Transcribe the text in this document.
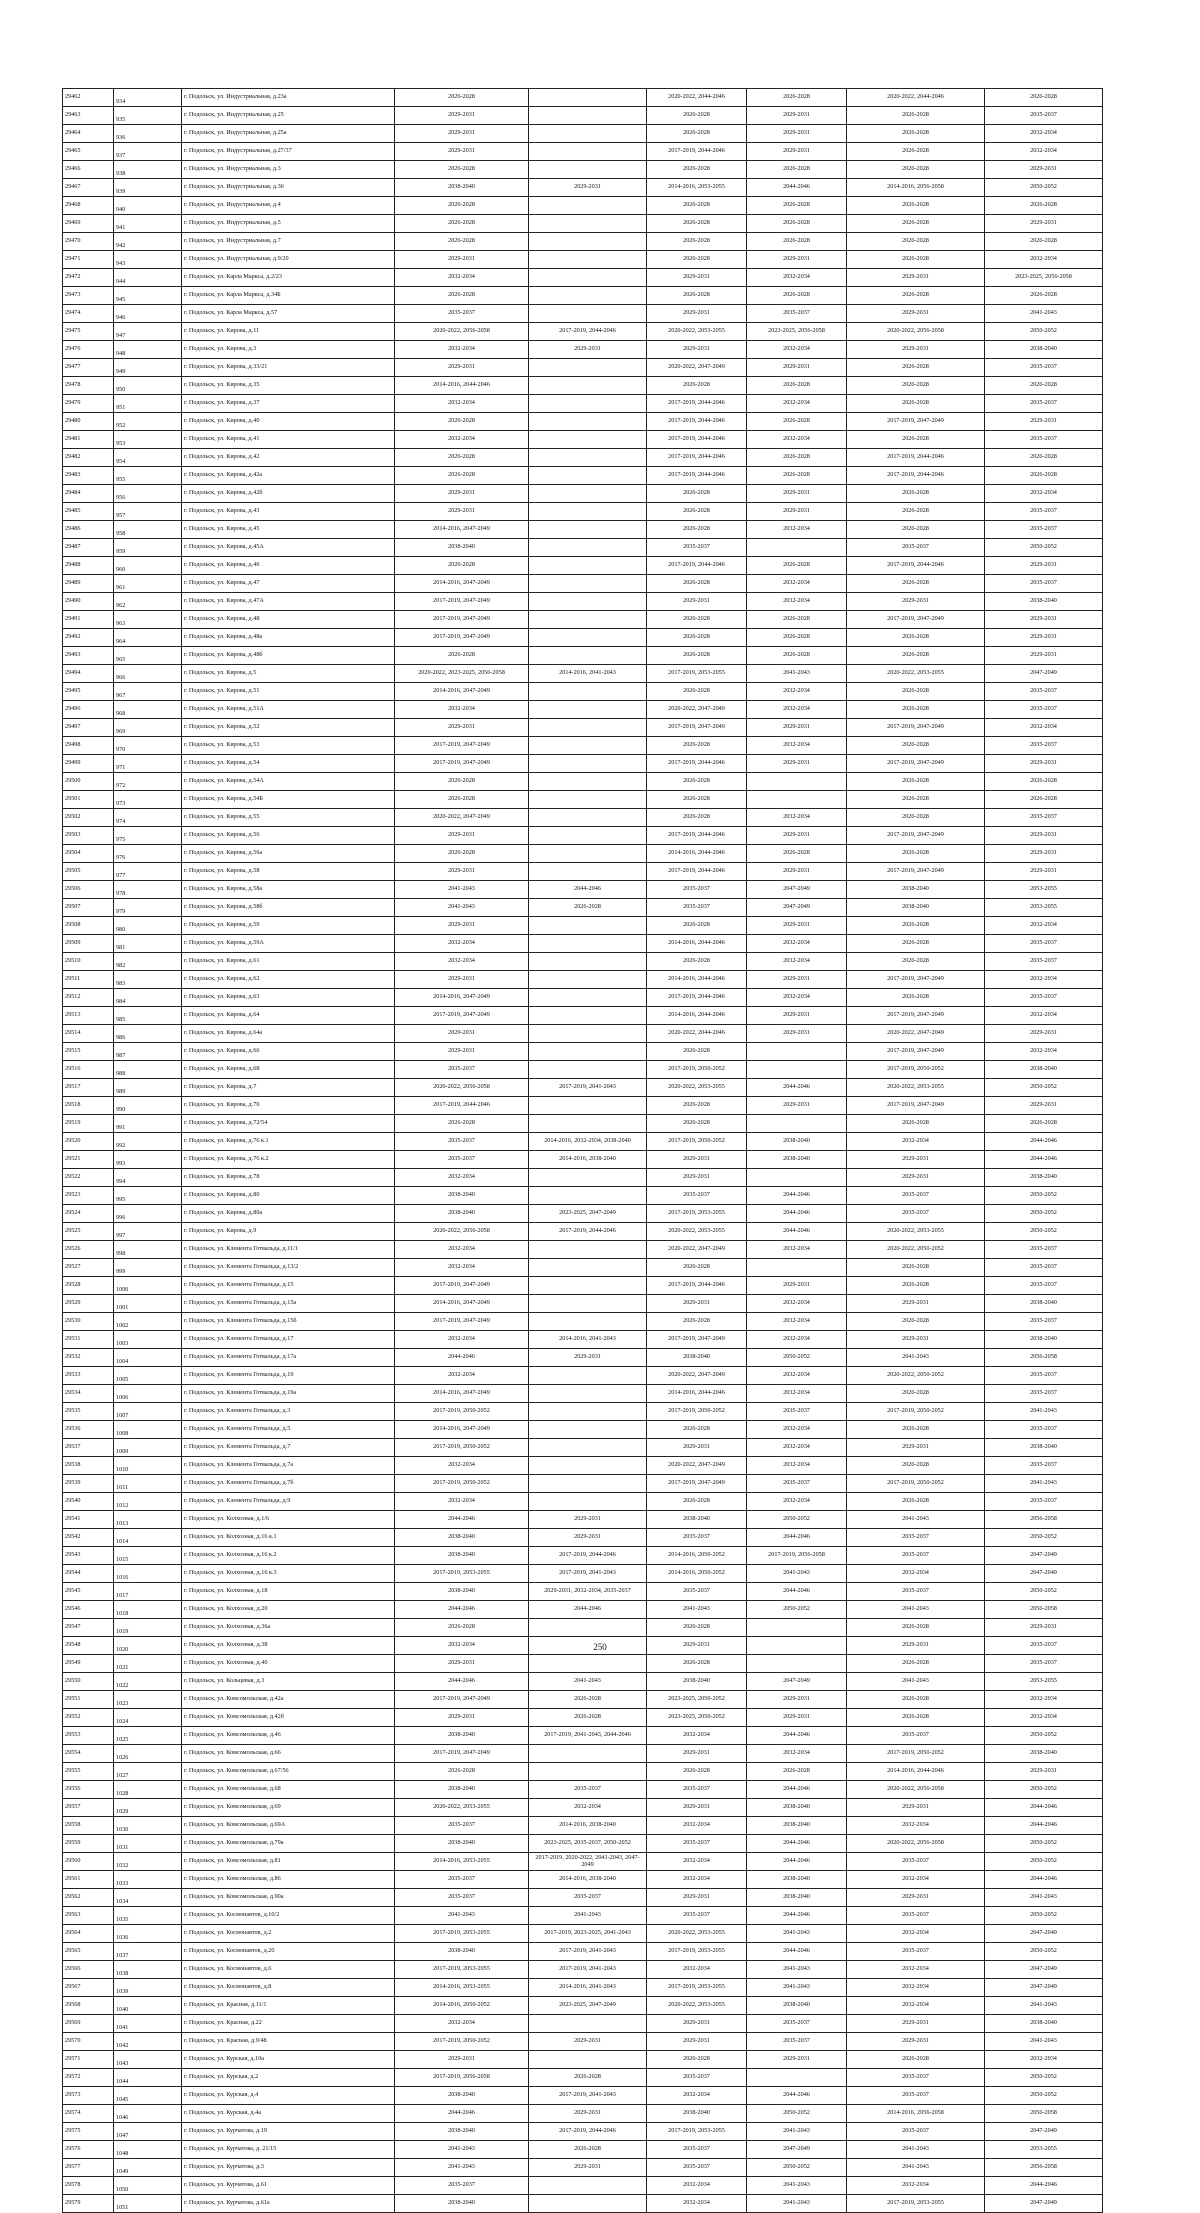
29462	934	г. Подольск, ул. Индустриальная, д.23а	2026-2028		2020-2022, 2044-2046	2026-2028	2020-2022, 2044-2046	2026-2028
29463	935	г. Подольск, ул. Индустриальная, д.25	2029-2031		2026-2028	2029-2031	2026-2028	2035-2037
29464	936	г. Подольск, ул. Индустриальная, д.25а	2029-2031		2026-2028	2029-2031	2026-2028	2032-2034
29465	937	г. Подольск, ул. Индустриальная, д.27/37	2029-2031		2017-2019, 2044-2046	2029-2031	2026-2028	2032-2034
29466	938	г. Подольск, ул. Индустриальная, д.3	2026-2028		2026-2028	2026-2028	2026-2028	2029-2031
29467	939	г. Подольск, ул. Индустриальная, д.36	2038-2040	2029-2031	2014-2016, 2053-2055	2044-2046	2014-2016, 2056-2058	2050-2052
29468	940	г. Подольск, ул. Индустриальная, д.4	2026-2028		2026-2028	2026-2028	2026-2028	2026-2028
29469	941	г. Подольск, ул. Индустриальная, д.5	2026-2028		2026-2028	2026-2028	2026-2028	2029-2031
29470	942	г. Подольск, ул. Индустриальная, д.7	2026-2028		2026-2028	2026-2028	2026-2028	2026-2028
29471	943	г. Подольск, ул. Индустриальная, д.9/20	2029-2031		2026-2028	2029-2031	2026-2028	2032-2034
29472	944	г. Подольск, ул. Карла Маркса, д.2/23	2032-2034		2029-2031	2032-2034	2029-2031	2023-2025, 2056-2058
29473	945	г. Подольск, ул. Карла Маркса, д.34Б	2026-2028		2026-2028	2026-2028	2026-2028	2026-2028
29474	946	г. Подольск, ул. Карла Маркса, д.57	2035-2037		2029-2031	2035-2037	2029-2031	2041-2043
29475	947	г. Подольск, ул. Кирова, д.11	2020-2022, 2056-2058	2017-2019, 2044-2046	2020-2022, 2053-2055	2023-2025, 2056-2058	2020-2022, 2056-2058	2050-2052
29476	948	г. Подольск, ул. Кирова, д.3	2032-2034	2029-2031	2029-2031	2032-2034	2029-2031	2038-2040
29477	949	г. Подольск, ул. Кирова, д.33/21	2029-2031		2020-2022, 2047-2049	2029-2031	2026-2028	2035-2037
29478	950	г. Подольск, ул. Кирова, д.35	2014-2016, 2044-2046		2026-2028	2026-2028	2026-2028	2026-2028
29479	951	г. Подольск, ул. Кирова, д.37	2032-2034		2017-2019, 2044-2046	2032-2034	2026-2028	2035-2037
29480	952	г. Подольск, ул. Кирова, д.40	2026-2028		2017-2019, 2044-2046	2026-2028	2017-2019, 2047-2049	2029-2031
29481	953	г. Подольск, ул. Кирова, д.41	2032-2034		2017-2019, 2044-2046	2032-2034	2026-2028	2035-2037
29482	954	г. Подольск, ул. Кирова, д.42	2026-2028		2017-2019, 2044-2046	2026-2028	2017-2019, 2044-2046	2026-2028
29483	955	г. Подольск, ул. Кирова, д.42а	2026-2028		2017-2019, 2044-2046	2026-2028	2017-2019, 2044-2046	2026-2028
29484	956	г. Подольск, ул. Кирова, д.42б	2029-2031		2026-2028	2029-2031	2026-2028	2032-2034
29485	957	г. Подольск, ул. Кирова, д.43	2029-2031		2026-2028	2029-2031	2026-2028	2035-2037
29486	958	г. Подольск, ул. Кирова, д.45	2014-2016, 2047-2049		2026-2028	2032-2034	2026-2028	2035-2037
29487	959	г. Подольск, ул. Кирова, д.45А	2038-2040		2035-2037		2035-2037	2050-2052
29488	960	г. Подольск, ул. Кирова, д.46	2026-2028		2017-2019, 2044-2046	2026-2028	2017-2019, 2044-2046	2029-2031
29489	961	г. Подольск, ул. Кирова, д.47	2014-2016, 2047-2049		2026-2028	2032-2034	2026-2028	2035-2037
29490	962	г. Подольск, ул. Кирова, д.47А	2017-2019, 2047-2049		2029-2031	2032-2034	2029-2031	2038-2040
29491	963	г. Подольск, ул. Кирова, д.48	2017-2019, 2047-2049		2026-2028	2026-2028	2017-2019, 2047-2049	2029-2031
29492	964	г. Подольск, ул. Кирова, д.48а	2017-2019, 2047-2049		2026-2028	2026-2028	2026-2028	2029-2031
29493	965	г. Подольск, ул. Кирова, д.48б	2026-2028		2026-2028	2026-2028	2026-2028	2029-2031
29494	966	г. Подольск, ул. Кирова, д.5	2020-2022, 2023-2025, 2056-2058	2014-2016, 2041-2043	2017-2019, 2053-2055	2041-2043	2020-2022, 2053-2055	2047-2049
29495	967	г. Подольск, ул. Кирова, д.51	2014-2016, 2047-2049		2026-2028	2032-2034	2026-2028	2035-2037
29496	968	г. Подольск, ул. Кирова, д.51А	2032-2034		2020-2022, 2047-2049	2032-2034	2026-2028	2035-2037
29497	969	г. Подольск, ул. Кирова, д.52	2029-2031		2017-2019, 2047-2049	2029-2031	2017-2019, 2047-2049	2032-2034
29498	970	г. Подольск, ул. Кирова, д.53	2017-2019, 2047-2049		2026-2028	2032-2034	2026-2028	2035-2037
29499	971	г. Подольск, ул. Кирова, д.54	2017-2019, 2047-2049		2017-2019, 2044-2046	2029-2031	2017-2019, 2047-2049	2029-2031
29500	972	г. Подольск, ул. Кирова, д.54А	2026-2028		2026-2028		2026-2028	2026-2028
29501	973	г. Подольск, ул. Кирова, д.54Б	2026-2028		2026-2028		2026-2028	2026-2028
29502	974	г. Подольск, ул. Кирова, д.55	2020-2022, 2047-2049		2026-2028	2032-2034	2026-2028	2035-2037
29503	975	г. Подольск, ул. Кирова, д.56	2029-2031		2017-2019, 2044-2046	2029-2031	2017-2019, 2047-2049	2029-2031
29504	976	г. Подольск, ул. Кирова, д.56а	2026-2028		2014-2016, 2044-2046	2026-2028	2026-2028	2029-2031
29505	977	г. Подольск, ул. Кирова, д.58	2029-2031		2017-2019, 2044-2046	2029-2031	2017-2019, 2047-2049	2029-2031
29506	978	г. Подольск, ул. Кирова, д.58а	2041-2043	2044-2046	2035-2037	2047-2049	2038-2040	2053-2055
29507	979	г. Подольск, ул. Кирова, д.58б	2041-2043	2026-2028	2035-2037	2047-2049	2038-2040	2053-2055
29508	980	г. Подольск, ул. Кирова, д.59	2029-2031		2026-2028	2029-2031	2026-2028	2032-2034
29509	981	г. Подольск, ул. Кирова, д.59А	2032-2034		2014-2016, 2044-2046	2032-2034	2026-2028	2035-2037
29510	982	г. Подольск, ул. Кирова, д.61	2032-2034		2026-2028	2032-2034	2026-2028	2035-2037
29511	983	г. Подольск, ул. Кирова, д.62	2029-2031		2014-2016, 2044-2046	2029-2031	2017-2019, 2047-2049	2032-2034
29512	984	г. Подольск, ул. Кирова, д.63	2014-2016, 2047-2049		2017-2019, 2044-2046	2032-2034	2026-2028	2035-2037
29513	985	г. Подольск, ул. Кирова, д.64	2017-2019, 2047-2049		2014-2016, 2044-2046	2029-2031	2017-2019, 2047-2049	2032-2034
29514	986	г. Подольск, ул. Кирова, д.64а	2029-2031		2020-2022, 2044-2046	2029-2031	2020-2022, 2047-2049	2029-2031
29515	987	г. Подольск, ул. Кирова, д.66	2029-2031		2026-2028		2017-2019, 2047-2049	2032-2034
29516	988	г. Подольск, ул. Кирова, д.68	2035-2037		2017-2019, 2050-2052		2017-2019, 2050-2052	2038-2040
29517	989	г. Подольск, ул. Кирова, д.7	2020-2022, 2056-2058	2017-2019, 2041-2043	2020-2022, 2053-2055	2044-2046	2020-2022, 2053-2055	2050-2052
29518	990	г. Подольск, ул. Кирова, д.70	2017-2019, 2044-2046		2026-2028	2029-2031	2017-2019, 2047-2049	2029-2031
29519	991	г. Подольск, ул. Кирова, д.72/54	2026-2028		2026-2028		2026-2028	2026-2028
29520	992	г. Подольск, ул. Кирова, д.76 к.1	2035-2037	2014-2016, 2032-2034, 2038-2040	2017-2019, 2050-2052	2038-2040	2032-2034	2044-2046
29521	993	г. Подольск, ул. Кирова, д.76 к.2	2035-2037	2014-2016, 2038-2040	2029-2031	2038-2040	2029-2031	2044-2046
29522	994	г. Подольск, ул. Кирова, д.78	2032-2034		2029-2031		2029-2031	2038-2040
29523	995	г. Подольск, ул. Кирова, д.80	2038-2040		2035-2037	2044-2046	2035-2037	2050-2052
29524	996	г. Подольск, ул. Кирова, д.80а	2038-2040	2023-2025, 2047-2049	2017-2019, 2053-2055	2044-2046	2035-2037	2050-2052
29525	997	г. Подольск, ул. Кирова, д.9	2020-2022, 2056-2058	2017-2019, 2044-2046	2020-2022, 2053-2055	2044-2046	2020-2022, 2053-2055	2050-2052
29526	998	г. Подольск, ул. Клемента Готвальда, д.11/1	2032-2034		2020-2022, 2047-2049	2032-2034	2020-2022, 2050-2052	2035-2037
29527	999	г. Подольск, ул. Клемента Готвальда, д.13/2	2032-2034		2026-2028		2026-2028	2035-2037
29528	1000	г. Подольск, ул. Клемента Готвальда, д.15	2017-2019, 2047-2049		2017-2019, 2044-2046	2029-2031	2026-2028	2035-2037
29529	1001	г. Подольск, ул. Клемента Готвальда, д.15а	2014-2016, 2047-2049		2029-2031	2032-2034	2029-2031	2038-2040
29530	1002	г. Подольск, ул. Клемента Готвальда, д.15б	2017-2019, 2047-2049		2026-2028	2032-2034	2026-2028	2035-2037
29531	1003	г. Подольск, ул. Клемента Готвальда, д.17	2032-2034	2014-2016, 2041-2043	2017-2019, 2047-2049	2032-2034	2029-2031	2038-2040
29532	1004	г. Подольск, ул. Клемента Готвальда, д.17а	2044-2046	2029-2031	2038-2040	2050-2052	2041-2043	2056-2058
29533	1005	г. Подольск, ул. Клемента Готвальда, д.19	2032-2034		2020-2022, 2047-2049	2032-2034	2020-2022, 2050-2052	2035-2037
29534	1006	г. Подольск, ул. Клемента Готвальда, д.19а	2014-2016, 2047-2049		2014-2016, 2044-2046	2032-2034	2026-2028	2035-2037
29535	1007	г. Подольск, ул. Клемента Готвальда, д.3	2017-2019, 2050-2052		2017-2019, 2050-2052	2035-2037	2017-2019, 2050-2052	2041-2043
29536	1008	г. Подольск, ул. Клемента Готвальда, д.5	2014-2016, 2047-2049		2026-2028	2032-2034	2026-2028	2035-2037
29537	1009	г. Подольск, ул. Клемента Готвальда, д.7	2017-2019, 2050-2052		2029-2031	2032-2034	2029-2031	2038-2040
29538	1010	г. Подольск, ул. Клемента Готвальда, д.7а	2032-2034		2020-2022, 2047-2049	2032-2034	2026-2028	2035-2037
29539	1011	г. Подольск, ул. Клемента Готвальда, д.7б	2017-2019, 2050-2052		2017-2019, 2047-2049	2035-2037	2017-2019, 2050-2052	2041-2043
29540	1012	г. Подольск, ул. Клемента Готвальда, д.9	2032-2034		2026-2028	2032-2034	2026-2028	2035-2037
29541	1013	г. Подольск, ул. Колхозная, д.1/6	2044-2046	2029-2031	2038-2040	2050-2052	2041-2043	2056-2058
29542	1014	г. Подольск, ул. Колхозная, д.16 к.1	2038-2040	2029-2031	2035-2037	2044-2046	2035-2037	2050-2052
29543	1015	г. Подольск, ул. Колхозная, д.16 к.2	2038-2040	2017-2019, 2044-2046	2014-2016, 2050-2052	2017-2019, 2056-2058	2035-2037	2047-2049
29544	1016	г. Подольск, ул. Колхозная, д.16 к.3	2017-2019, 2053-2055	2017-2019, 2041-2043	2014-2016, 2050-2052	2041-2043	2032-2034	2047-2049
29545	1017	г. Подольск, ул. Колхозная, д.18	2038-2040	2029-2031, 2032-2034, 2035-2037	2035-2037	2044-2046	2035-2037	2050-2052
29546	1018	г. Подольск, ул. Колхозная, д.20	2044-2046	2044-2046	2041-2043	2050-2052	2041-2043	2056-2058
29547	1019	г. Подольск, ул. Колхозная, д.36а	2026-2028		2026-2028		2026-2028	2029-2031
29548	1020	г. Подольск, ул. Колхозная, д.38	2032-2034		2029-2031		2029-2031	2035-2037
29549	1021	г. Подольск, ул. Колхозная, д.40	2029-2031		2026-2028		2026-2028	2035-2037
29550	1022	г. Подольск, ул. Кольцевая, д.3	2044-2046	2041-2043	2038-2040	2047-2049	2041-2043	2053-2055
29551	1023	г. Подольск, ул. Комсомольская, д.42а	2017-2019, 2047-2049	2026-2028	2023-2025, 2050-2052	2029-2031	2026-2028	2032-2034
29552	1024	г. Подольск, ул. Комсомольская, д.42б	2029-2031	2026-2028	2023-2025, 2050-2052	2029-2031	2026-2028	2032-2034
29553	1025	г. Подольск, ул. Комсомольская, д.46	2038-2040	2017-2019, 2041-2043, 2044-2046	2032-2034	2044-2046	2035-2037	2050-2052
29554	1026	г. Подольск, ул. Комсомольская, д.66	2017-2019, 2047-2049		2029-2031	2032-2034	2017-2019, 2050-2052	2038-2040
29555	1027	г. Подольск, ул. Комсомольская, д.67/56	2026-2028		2026-2028	2026-2028	2014-2016, 2044-2046	2029-2031
29556	1028	г. Подольск, ул. Комсомольская, д.68	2038-2040	2035-2037	2035-2037	2044-2046	2020-2022, 2056-2058	2050-2052
29557	1029	г. Подольск, ул. Комсомольская, д.69	2020-2022, 2053-2055	2032-2034	2029-2031	2038-2040	2029-2031	2044-2046
29558	1030	г. Подольск, ул. Комсомольская, д.69А	2035-2037	2014-2016, 2038-2040	2032-2034	2038-2040	2032-2034	2044-2046
29559	1031	г. Подольск, ул. Комсомольская, д.79а	2038-2040	2023-2025, 2035-2037, 2050-2052	2035-2037	2044-2046	2020-2022, 2056-2058	2050-2052
29560	1032	г. Подольск, ул. Комсомольская, д.81	2014-2016, 2053-2055	2017-2019, 2020-2022, 2041-2043, 2047-2049	2032-2034	2044-2046	2035-2037	2050-2052
29561	1033	г. Подольск, ул. Комсомольская, д.86	2035-2037	2014-2016, 2038-2040	2032-2034	2038-2040	2032-2034	2044-2046
29562	1034	г. Подольск, ул. Комсомольская, д.90а	2035-2037	2035-2037	2029-2031	2038-2040	2029-2031	2041-2043
29563	1035	г. Подольск, ул. Космонавтов, д.10/2	2041-2043	2041-2043	2035-2037	2044-2046	2035-2037	2050-2052
29564	1036	г. Подольск, ул. Космонавтов, д.2	2017-2019, 2053-2055	2017-2019, 2023-2025, 2041-2043	2020-2022, 2053-2055	2041-2043	2032-2034	2047-2049
29565	1037	г. Подольск, ул. Космонавтов, д.20	2038-2040	2017-2019, 2041-2043	2017-2019, 2053-2055	2044-2046	2035-2037	2050-2052
29566	1038	г. Подольск, ул. Космонавтов, д.6	2017-2019, 2053-2055	2017-2019, 2041-2043	2032-2034	2041-2043	2032-2034	2047-2049
29567	1039	г. Подольск, ул. Космонавтов, д.8	2014-2016, 2053-2055	2014-2016, 2041-2043	2017-2019, 2053-2055	2041-2043	2032-2034	2047-2049
29568	1040	г. Подольск, ул. Красная, д.11/1	2014-2016, 2050-2052	2023-2025, 2047-2049	2020-2022, 2053-2055	2038-2040	2032-2034	2041-2043
29569	1041	г. Подольск, ул. Красная, д.22	2032-2034		2029-2031	2035-2037	2029-2031	2038-2040
29570	1042	г. Подольск, ул. Красная, д.9/48	2017-2019, 2050-2052	2029-2031	2029-2031	2035-2037	2029-2031	2041-2043
29571	1043	г. Подольск, ул. Курская, д.10а	2029-2031		2026-2028	2029-2031	2026-2028	2032-2034
29572	1044	г. Подольск, ул. Курская, д.2	2017-2019, 2056-2058	2026-2028	2035-2037		2035-2037	2050-2052
29573	1045	г. Подольск, ул. Курская, д.4	2038-2040	2017-2019, 2041-2043	2032-2034	2044-2046	2035-2037	2050-2052
29574	1046	г. Подольск, ул. Курская, д.4а	2044-2046	2029-2031	2038-2040	2050-2052	2014-2016, 2056-2058	2056-2058
29575	1047	г. Подольск, ул. Курчатова, д.19	2038-2040	2017-2019, 2044-2046	2017-2019, 2053-2055	2041-2043	2035-2037	2047-2049
29576	1048	г. Подольск, ул. Курчатова, д. 21/15	2041-2043	2026-2028	2035-2037	2047-2049	2041-2043	2053-2055
29577	1049	г. Подольск, ул. Курчатова, д.3	2041-2043	2029-2031	2035-2037	2050-2052	2041-2043	2056-2058
29578	1050	г. Подольск, ул. Курчатова, д.61	2035-2037		2032-2034	2041-2043	2032-2034	2044-2046
29579	1051	г. Подольск, ул. Курчатова, д.61а	2038-2040		2032-2034	2041-2043	2017-2019, 2053-2055	2047-2049
250
